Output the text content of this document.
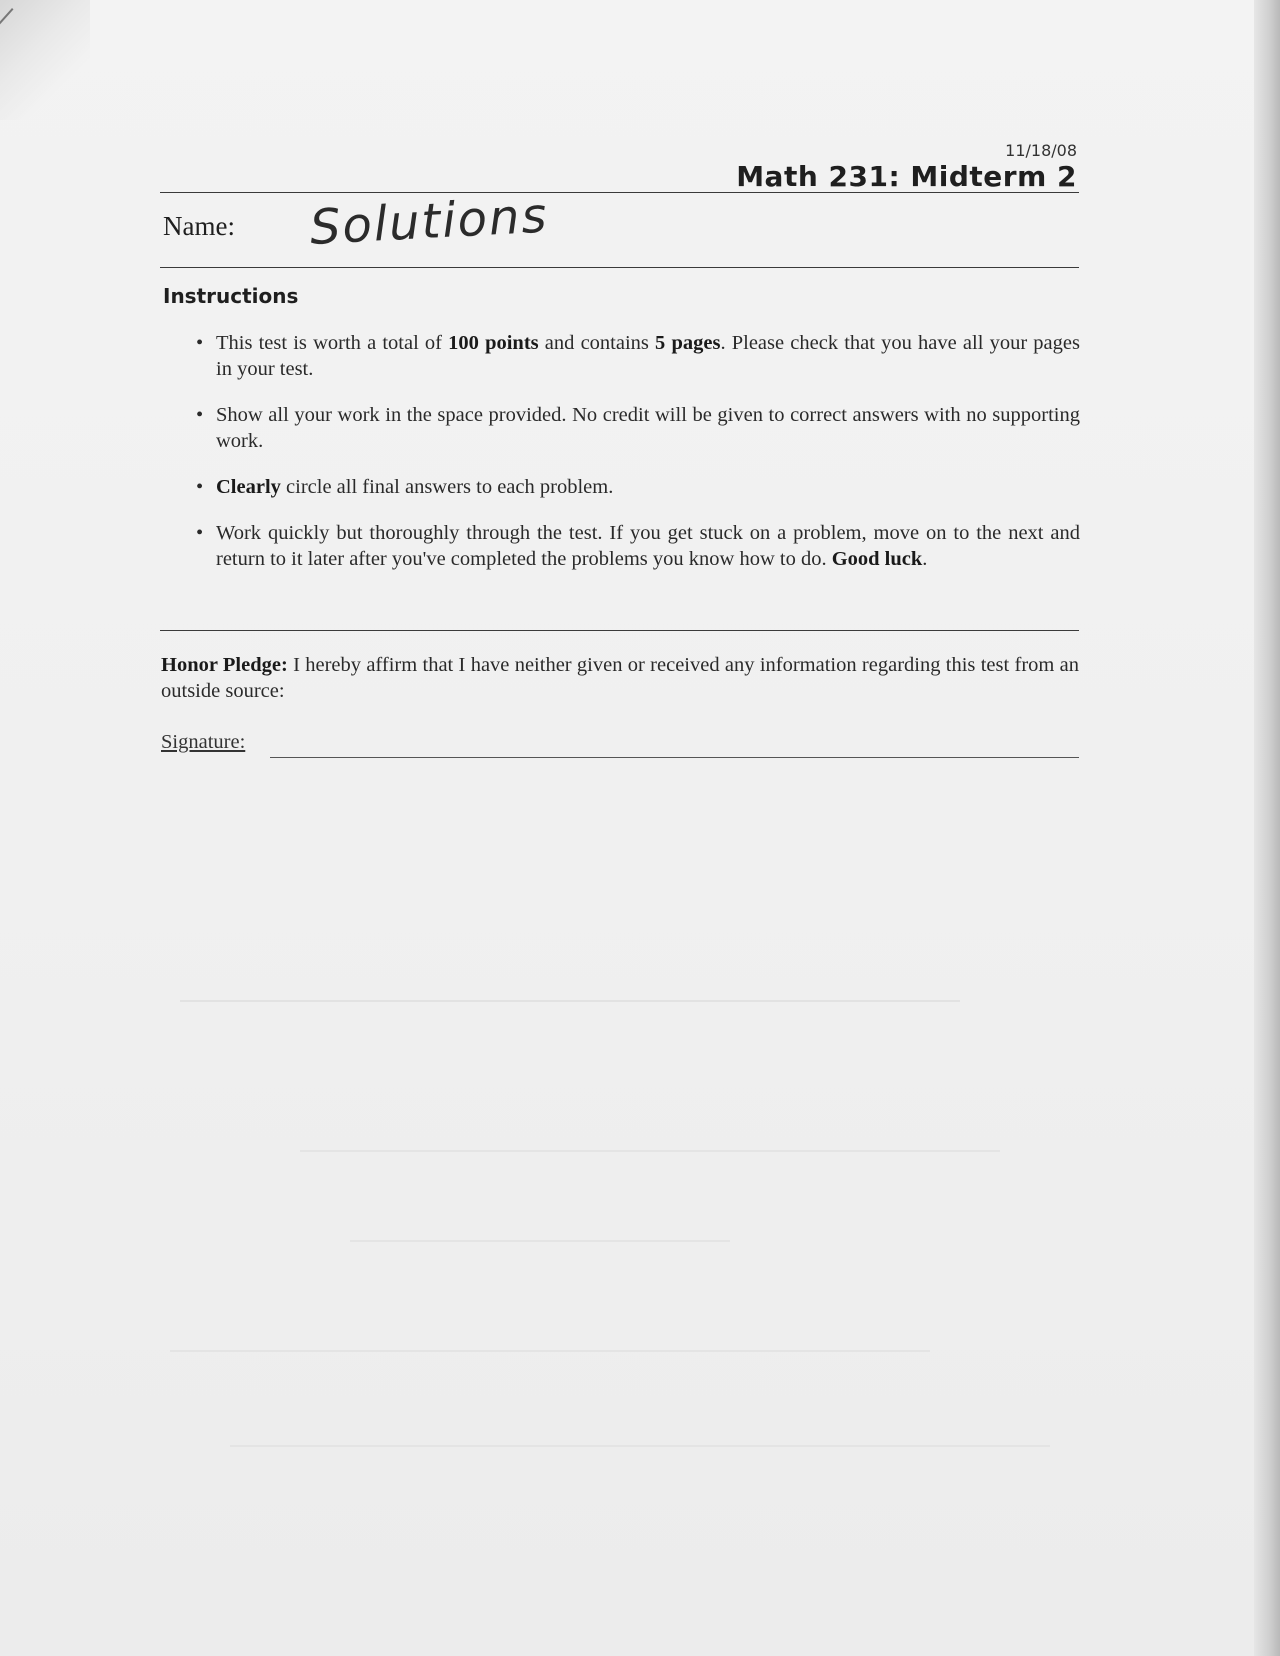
11/18/08
Math 231: Midterm 2
Name: Solutions
Instructions
• This test is worth a total of 100 points and contains 5 pages. Please check that you have all your pages in your test.
• Show all your work in the space provided. No credit will be given to correct answers with no supporting work.
• Clearly circle all final answers to each problem.
• Work quickly but thoroughly through the test. If you get stuck on a problem, move on to the next and return to it later after you've completed the problems you know how to do. Good luck.
Honor Pledge: I hereby affirm that I have neither given or received any information regarding this test from an outside source:
Signature:
